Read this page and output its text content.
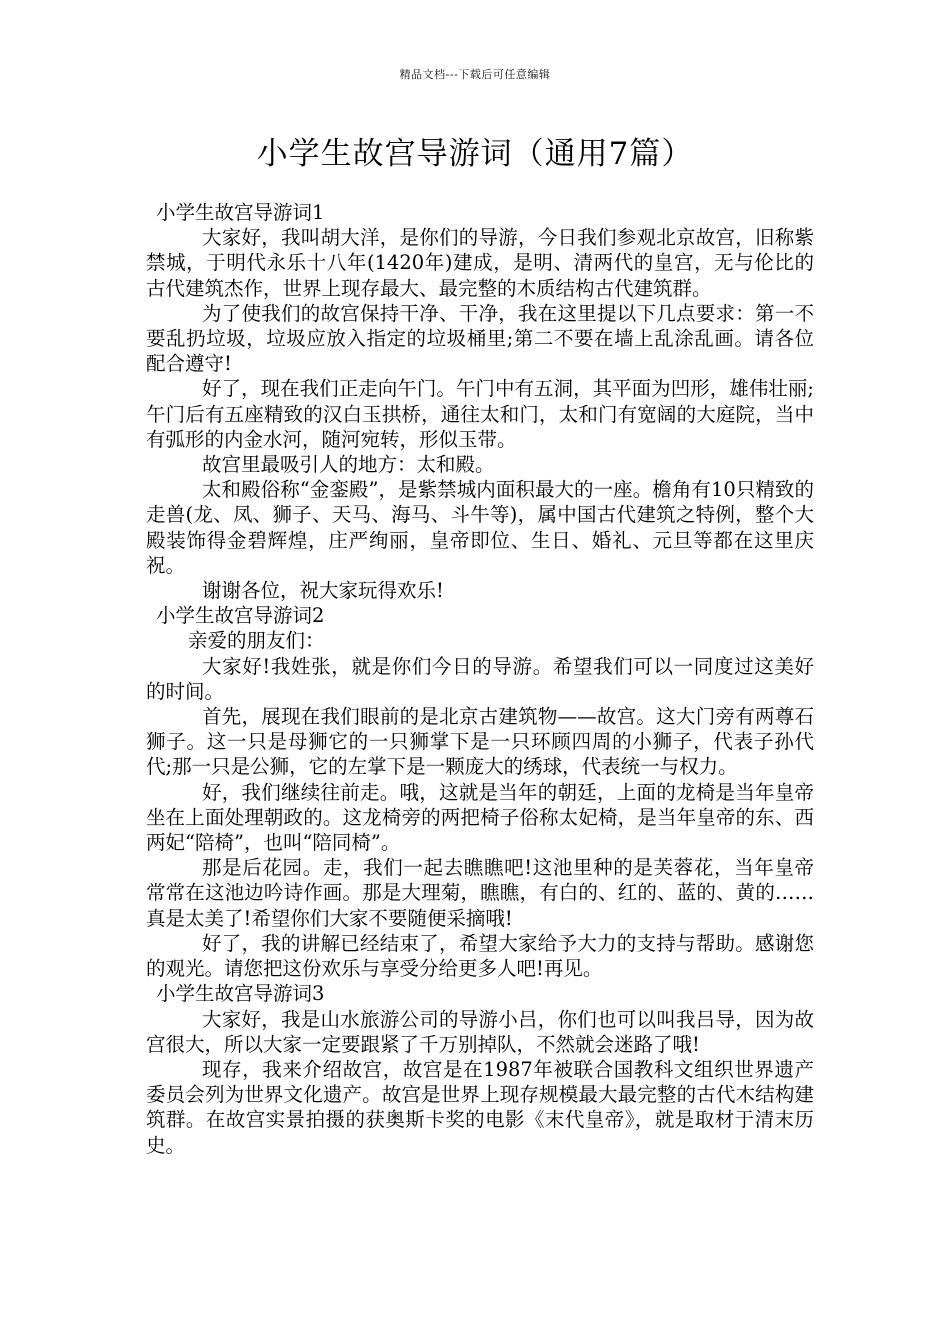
精品文档---下载后可任意编辑
小学生故宫导游词（通用7篇）
小学生故宫导游词1

大家好，我叫胡大洋，是你们的导游，今日我们参观北京故宫，旧称紫禁城，于明代永乐十八年(1420年)建成，是明、清两代的皇宫，无与伦比的古代建筑杰作，世界上现存最大、最完整的木质结构古代建筑群。

为了使我们的故宫保持干净、干净，我在这里提以下几点要求：第一不要乱扔垃圾，垃圾应放入指定的垃圾桶里;第二不要在墙上乱涂乱画。请各位配合遵守!

好了，现在我们正走向午门。午门中有五洞，其平面为凹形，雄伟壮丽;午门后有五座精致的汉白玉拱桥，通往太和门，太和门有宽阔的大庭院，当中有弧形的内金水河，随河宛转，形似玉带。

故宫里最吸引人的地方：太和殿。

太和殿俗称“金銮殿”，是紫禁城内面积最大的一座。檐角有10只精致的走兽(龙、凤、狮子、天马、海马、斗牛等)，属中国古代建筑之特例，整个大殿装饰得金碧辉煌，庄严绚丽，皇帝即位、生日、婚礼、元旦等都在这里庆祝。

谢谢各位，祝大家玩得欢乐!

小学生故宫导游词2

亲爱的朋友们：

大家好!我姓张，就是你们今日的导游。希望我们可以一同度过这美好的时间。

首先，展现在我们眼前的是北京古建筑物——故宫。这大门旁有两尊石狮子。这一只是母狮它的一只狮掌下是一只环顾四周的小狮子，代表子孙代代;那一只是公狮，它的左掌下是一颗庞大的绣球，代表统一与权力。

好，我们继续往前走。哦，这就是当年的朝廷，上面的龙椅是当年皇帝坐在上面处理朝政的。这龙椅旁的两把椅子俗称太妃椅，是当年皇帝的东、西两妃“陪椅”，也叫“陪同椅”。

那是后花园。走，我们一起去瞧瞧吧!这池里种的是芙蓉花，当年皇帝常常在这池边吟诗作画。那是大理菊，瞧瞧，有白的、红的、蓝的、黄的……真是太美了!希望你们大家不要随便采摘哦!

好了，我的讲解已经结束了，希望大家给予大力的支持与帮助。感谢您的观光。请您把这份欢乐与享受分给更多人吧!再见。

小学生故宫导游词3

大家好，我是山水旅游公司的导游小吕，你们也可以叫我吕导，因为故宫很大，所以大家一定要跟紧了千万别掉队，不然就会迷路了哦!

现存，我来介绍故宫，故宫是在1987年被联合国教科文组织世界遗产委员会列为世界文化遗产。故宫是世界上现存规模最大最完整的古代木结构建筑群。在故宫实景拍摄的获奥斯卡奖的电影《末代皇帝》，就是取材于清末历史。
